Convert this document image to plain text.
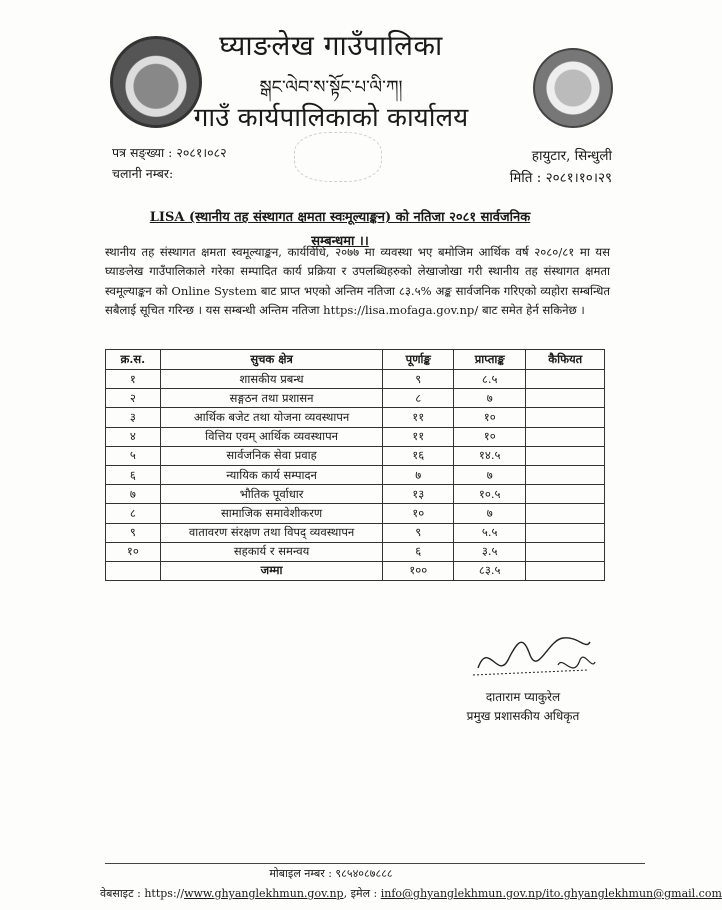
घ्याङलेख गाउँपालिका
སྒང་ལེབ་ས་སྟོང་པ་ལི་ཀ།
गाउँ कार्यपालिकाको कार्यालय
पत्र सङ्ख्या : २०८१।०८२
चलानी नम्बर:
हायुटार, सिन्धुली
मिति : २०८१।१०।२९
LISA (स्थानीय तह संस्थागत क्षमता स्वःमूल्याङ्कन) को नतिजा २०८१ सार्वजनिक
सम्बन्धमा ।।
स्थानीय तह संस्थागत क्षमता स्वमूल्याङ्कन, कार्यविधि, २०७७ मा व्यवस्था भए बमोजिम आर्थिक वर्ष २०८०/८१ मा यस घ्याङलेख गाउँपालिकाले गरेका सम्पादित कार्य प्रक्रिया र उपलब्धिहरुको लेखाजोखा गरी स्थानीय तह संस्थागत क्षमता स्वमूल्याङ्कन को Online System बाट प्राप्त भएको अन्तिम नतिजा ८३.५% अङ्क सार्वजनिक गरिएको व्यहोरा सम्बन्धित सबैलाई सूचित गरिन्छ । यस सम्बन्धी अन्तिम नतिजा https://lisa.mofaga.gov.np/ बाट समेत हेर्न सकिनेछ ।
क्र.स.	सुचक क्षेत्र	पूर्णाङ्क	प्राप्ताङ्क	कैफियत
१	शासकीय प्रबन्ध	९	८.५	
२	सङ्गठन तथा प्रशासन	८	७	
३	आर्थिक बजेट तथा योजना व्यवस्थापन	११	१०	
४	वित्तिय एवम् आर्थिक व्यवस्थापन	११	१०	
५	सार्वजनिक सेवा प्रवाह	१६	१४.५	
६	न्यायिक कार्य सम्पादन	७	७	
७	भौतिक पूर्वाधार	१३	१०.५	
८	सामाजिक समावेशीकरण	१०	७	
९	वातावरण संरक्षण तथा विपद् व्यवस्थापन	९	५.५	
१०	सहकार्य र समन्वय	६	३.५	
	जम्मा	१००	८३.५	
दाताराम प्याकुरेल
प्रमुख प्रशासकीय अधिकृत
मोबाइल नम्बर : ९८५४०८७८८८
वेबसाइट : https://www.ghyanglekhmun.gov.np, इमेल : info@ghyanglekhmun.gov.np/ito.ghyanglekhmun@gmail.com
